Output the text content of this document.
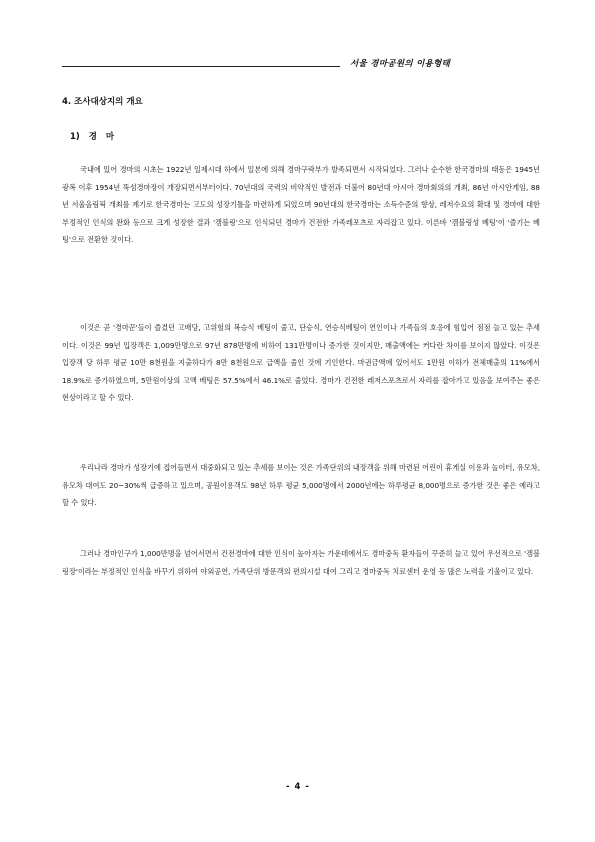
서울 경마공원의 이용형태
4. 조사대상지의 개요
1) 경 마

국내에 있어 경마의 시초는 1922년 일제시대 하에서 일본에 의해 경마구락부가 발족되면서 시작되었다. 그러나 순수한 한국경마의 태동은 1945년 광복 이후 1954년 뚝섬경마장이 개장되면서부터이다. 70년대의 국력의 비약적인 발전과 더불어 80년대 아시아 경마회의의 개최, 86년 아시안게임, 88년 서울올림픽 개최를 계기로 한국경마는 고도의 성장기틀을 마련하게 되었으며 90년대의 한국경마는 소득수준의 향상, 레저수요의 확대 및 경마에 대한 부정적인 인식의 완화 등으로 크게 성장한 결과 '겜블링'으로 인식되던 경마가 건전한 가족레포츠로 자리잡고 있다. 이른바 '겜블링성 베팅'이 '즐기는 베팅'으로 전환한 것이다.

이것은 곧 '경마꾼'들이 즐겼던 고배당, 고위험의 복승식 베팅이 줄고, 단승식, 연승식베팅이 연인이나 가족들의 호응에 힘입어 점점 늘고 있는 추세이다. 이것은 99년 입장객은 1,009만명으로 97년 878만명에 비하여 131만명이나 증가한 것이지만, 매출액에는 커다란 차이를 보이지 않았다. 이것은 입장객 당 하루 평균 10만 8천원을 지출하다가 8만 8천원으로 급액을 줄인 것에 기인한다. 마권금액에 있어서도 1만원 이하가 전체매출의 11%에서 18.9%로 증가하였으며, 5만원이상의 고액 베팅은 57.5%에서 46.1%로 줄었다. 경마가 건전한 레저스포츠로서 자리를 잡아가고 있음을 보여주는 좋은 현상이라고 할 수 있다.

우리나라 경마가 성장기에 접어들면서 대중화되고 있는 추세를 보이는 것은 가족단위의 내장객을 위해 마련된 어린이 휴게실 이용과 놀이터, 유모차, 유모차 대여도 20~30%씩 급증하고 있으며, 공원이용객도 98년 하루 평균 5,000명에서 2000년에는 하루평균 8,000명으로 증가한 것은 좋은 예라고 할 수 있다.

그러나 경마인구가 1,000만명을 넘어서면서 건전경마에 대한 인식이 높아지는 가운데에서도 경마중독 환자들이 꾸준히 늘고 있어 우선적으로 '겜블링장'이라는 부정적인 인식을 바꾸기 위하여 야외공연, 가족단위 방문객의 편의시설 대여 그리고 경마중독 치료센터 운영 등 많은 노력을 기울이고 있다.

- 4 -
